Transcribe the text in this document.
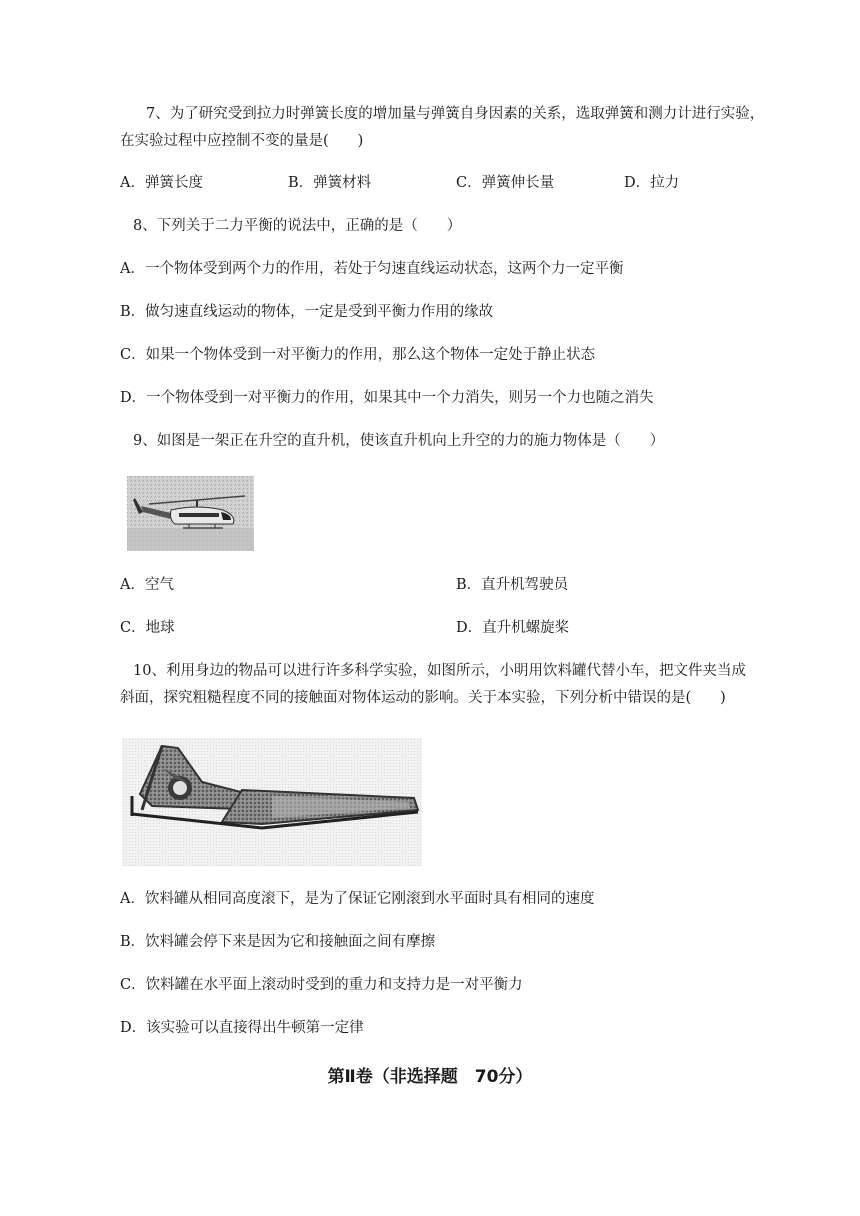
7、为了研究受到拉力时弹簧长度的增加量与弹簧自身因素的关系，选取弹簧和测力计进行实验，
在实验过程中应控制不变的量是(　　)
A．弹簧长度	B．弹簧材料	C．弹簧伸长量	D．拉力
8、下列关于二力平衡的说法中，正确的是（　　）
A．一个物体受到两个力的作用，若处于匀速直线运动状态，这两个力一定平衡
B．做匀速直线运动的物体，一定是受到平衡力作用的缘故
C．如果一个物体受到一对平衡力的作用，那么这个物体一定处于静止状态
D．一个物体受到一对平衡力的作用，如果其中一个力消失，则另一个力也随之消失
9、如图是一架正在升空的直升机，使该直升机向上升空的力的施力物体是（　　）
A．空气	B．直升机驾驶员
C．地球	D．直升机螺旋桨
10、利用身边的物品可以进行许多科学实验，如图所示，小明用饮料罐代替小车，把文件夹当成
斜面，探究粗糙程度不同的接触面对物体运动的影响。关于本实验，下列分析中错误的是(　　)
A．饮料罐从相同高度滚下，是为了保证它刚滚到水平面时具有相同的速度
B．饮料罐会停下来是因为它和接触面之间有摩擦
C．饮料罐在水平面上滚动时受到的重力和支持力是一对平衡力
D．该实验可以直接得出牛顿第一定律
第Ⅱ卷（非选择题　70分）
